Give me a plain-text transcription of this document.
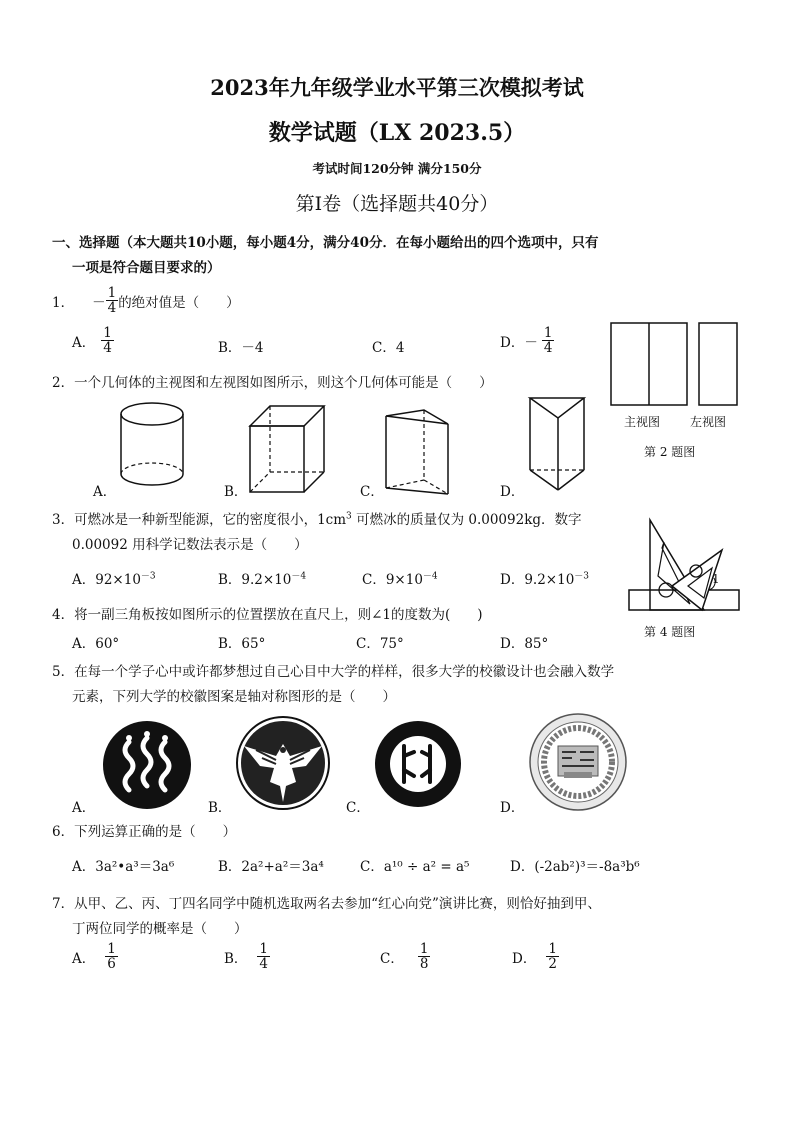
2023年九年级学业水平第三次模拟考试
数学试题（LX 2023.5）
考试时间120分钟 满分150分
第Ⅰ卷（选择题共40分）
一、选择题（本大题共10小题，每小题4分，满分40分．在每小题给出的四个选项中，只有
一项是符合题目要求的）
1． － $\frac{1}{4}$ 的绝对值是（　　）
A． $\frac{1}{4}$	B．－4	C．4	D．－ $\frac{1}{4}$
主视图 左视图
第 2 题图
2．一个几何体的主视图和左视图如图所示，则这个几何体可能是（　　）
A．	B．	C．	D．
3．可燃冰是一种新型能源，它的密度很小，$1cm^3$ 可燃冰的质量仅为 0.00092kg．数字
0.00092 用科学记数法表示是（　　）
A．$92\times 10^{-3}$	B．$9.2\times 10^{-4}$	C．$9\times 10^{-4}$	D．$9.2\times 10^{-3}$	1
第 4 题图
4．将一副三角板按如图所示的位置摆放在直尺上，则∠1的度数为(　　)
A．60°	B．65°	C．75°	D．85°
5．在每一个学子心中或许都梦想过自己心目中大学的样样，很多大学的校徽设计也会融入数学
元素，下列大学的校徽图案是轴对称图形的是（　　）
A．	B．	C．	D．
6．下列运算正确的是（　　）
A．3a²•a³＝3a⁶	B．2a²+a²＝3a⁴	C．a¹⁰ ÷ a² = a⁵	D．(-2ab²)³＝-8a³b⁶
7．从甲、乙、丙、丁四名同学中随机选取两名去参加“红心向党”演讲比赛，则恰好抽到甲、
丁两位同学的概率是（　　）
A． $\frac{1}{6}$	B． $\frac{1}{4}$	C． $\frac{1}{8}$	D． $\frac{1}{2}$
